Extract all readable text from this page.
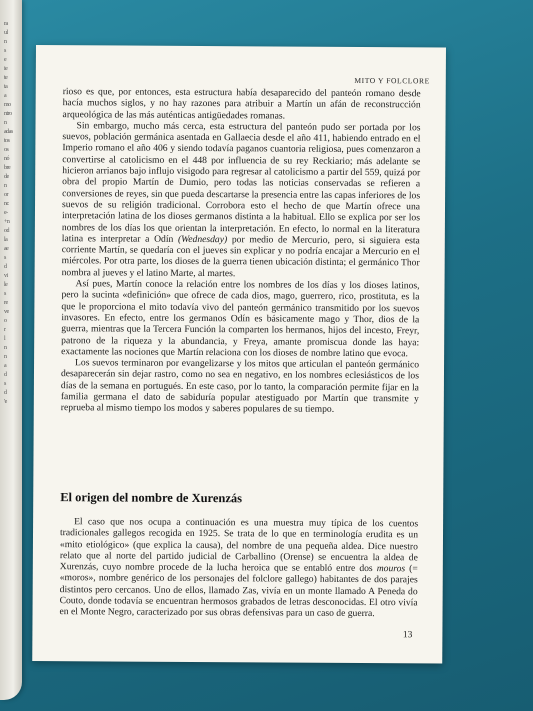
ra
ul
n
s
e
ie
te
ta
a
mo
ntro
n
adas
tos
os
nó
bre
de
n
or
nc
e-
+n
od
la
ae
s
d
vi
le
s
re
ve
o
r
l
n
n
a
d
s
d
'e

MITO Y FOLCLORE

rioso es que, por entonces, esta estructura había desaparecido del panteón romano desde hacía muchos siglos, y no hay razones para atribuir a Martín un afán de reconstrucción arqueológica de las más auténticas antigüedades romanas.

Sin embargo, mucho más cerca, esta estructura del panteón pudo ser portada por los suevos, población germánica asentada en Gallaecia desde el año 411, habiendo entrado en el Imperio romano el año 406 y siendo todavía paganos cuantoria religiosa, pues comenzaron a convertirse al catolicismo en el 448 por influencia de su rey Reckiario; más adelante se hicieron arrianos bajo influjo visigodo para regresar al catolicismo a partir del 559, quizá por obra del propio Martín de Dumio, pero todas las noticias conservadas se refieren a conversiones de reyes, sin que pueda descartarse la presencia entre las capas inferiores de los suevos de su religión tradicional. Corrobora esto el hecho de que Martín ofrece una interpretación latina de los dioses germanos distinta a la habitual. Ello se explica por ser los nombres de los días los que orientan la interpretación. En efecto, lo normal en la literatura latina es interpretar a Odín (Wednesday) por medio de Mercurio, pero, si siguiera esta corriente Martín, se quedaría con el jueves sin explicar y no podría encajar a Mercurio en el miércoles. Por otra parte, los dioses de la guerra tienen ubicación distinta; el germánico Thor nombra al jueves y el latino Marte, al martes.

Así pues, Martín conoce la relación entre los nombres de los días y los dioses latinos, pero la sucinta «definición» que ofrece de cada dios, mago, guerrero, rico, prostituta, es la que le proporciona el mito todavía vivo del panteón germánico transmitido por los suevos invasores. En efecto, entre los germanos Odín es básicamente mago y Thor, dios de la guerra, mientras que la Tercera Función la comparten los hermanos, hijos del incesto, Freyr, patrono de la riqueza y la abundancia, y Freya, amante promiscua donde las haya: exactamente las nociones que Martín relaciona con los dioses de nombre latino que evoca.

Los suevos terminaron por evangelizarse y los mitos que articulan el panteón germánico desaparecerán sin dejar rastro, como no sea en negativo, en los nombres eclesiásticos de los días de la semana en portugués. En este caso, por lo tanto, la comparación permite fijar en la familia germana el dato de sabiduría popular atestiguado por Martín que transmite y reprueba al mismo tiempo los modos y saberes populares de su tiempo.

El origen del nombre de Xurenzás

El caso que nos ocupa a continuación es una muestra muy típica de los cuentos tradicionales gallegos recogida en 1925. Se trata de lo que en terminología erudita es un «mito etiológico» (que explica la causa), del nombre de una pequeña aldea. Dice nuestro relato que al norte del partido judicial de Carballino (Orense) se encuentra la aldea de Xurenzás, cuyo nombre procede de la lucha heroica que se entabló entre dos mouros (= «moros», nombre genérico de los personajes del folclore gallego) habitantes de dos parajes distintos pero cercanos. Uno de ellos, llamado Zas, vivía en un monte llamado A Peneda do Couto, donde todavía se encuentran hermosos grabados de letras desconocidas. El otro vivía en el Monte Negro, caracterizado por sus obras defensivas para un caso de guerra.

13
